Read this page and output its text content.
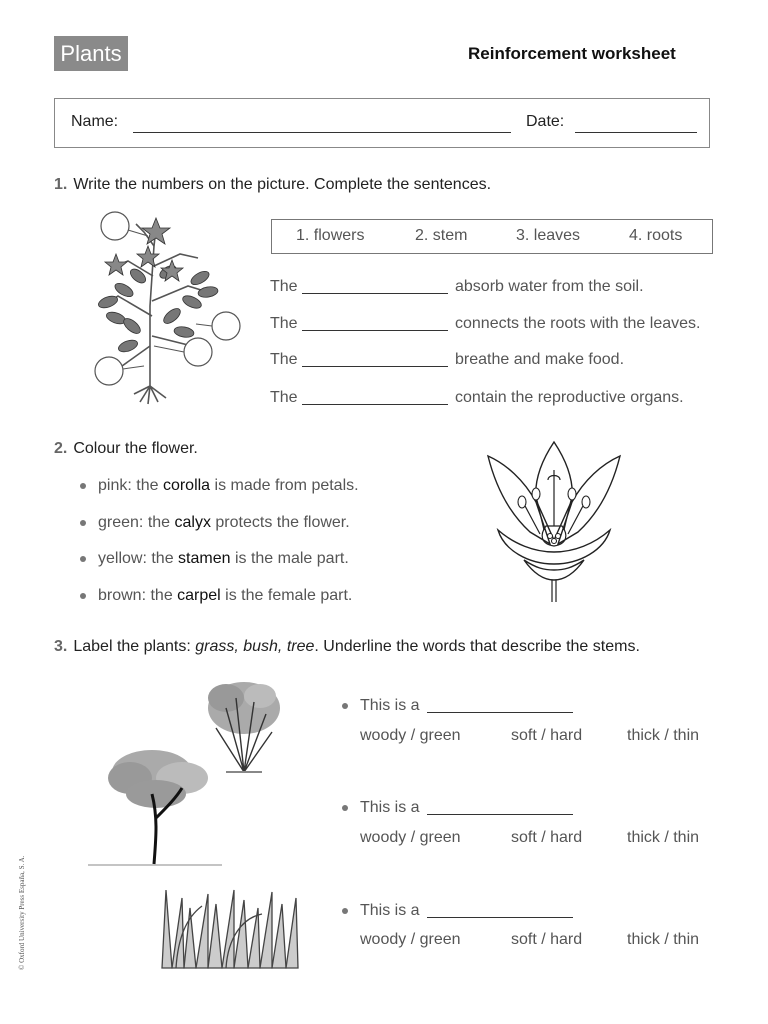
Plants	Reinforcement worksheet
Name:	Date:
1. Write the numbers on the picture. Complete the sentences.
1. flowers	2. stem	3. leaves	4. roots
The	absorb water from the soil.
The	connects the roots with the leaves.
The	breathe and make food.
The	contain the reproductive organs.
2. Colour the flower.
pink: the corolla is made from petals.
green: the calyx protects the flower.
yellow: the stamen is the male part.
brown: the carpel is the female part.
3. Label the plants: grass, bush, tree. Underline the words that describe the stems.
This is a
woody / green	soft / hard	thick / thin
This is a
woody / green	soft / hard	thick / thin
This is a
woody / green	soft / hard	thick / thin
© Oxford University Press España, S. A.
